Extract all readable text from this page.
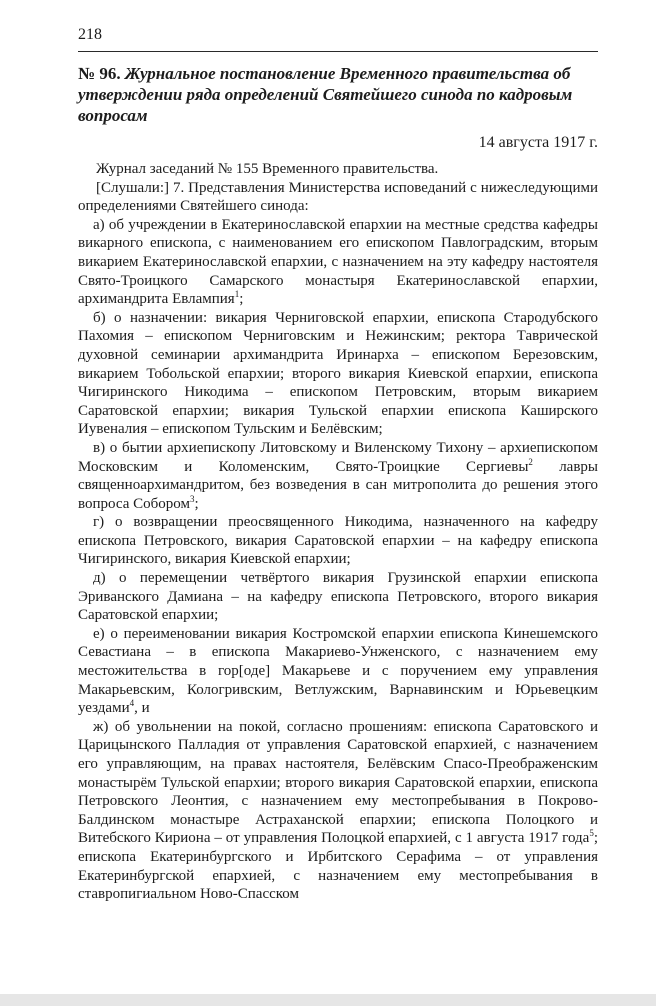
218
№ 96. Журнальное постановление Временного правительства об утверждении ряда определений Святейшего синода по кадровым вопросам
14 августа 1917 г.

Журнал заседаний № 155 Временного правительства.

[Слушали:] 7. Представления Министерства исповеданий с нижеследующими определениями Святейшего синода:

а) об учреждении в Екатеринославской епархии на местные средства кафедры викарного епископа, с наименованием его епископом Павлоградским, вторым викарием Екатеринославской епархии, с назначением на эту кафедру настоятеля Свято-Троицкого Самарского монастыря Екатеринославской епархии, архимандрита Евлампия$^1$;

б) о назначении: викария Черниговской епархии, епископа Стародубского Пахомия – епископом Черниговским и Нежинским; ректора Таврической духовной семинарии архимандрита Иринарха – епископом Березовским, викарием Тобольской епархии; второго викария Киевской епархии, епископа Чигиринского Никодима – епископом Петровским, вторым викарием Саратовской епархии; викария Тульской епархии епископа Каширского Иувеналия – епископом Тульским и Белёвским;

в) о бытии архиепископу Литовскому и Виленскому Тихону – архиепископом Московским и Коломенским, Свято-Троицкие Сергиевы$^2$ лавры священноархимандритом, без возведения в сан митрополита до решения этого вопроса Собором$^3$;

г) о возвращении преосвященного Никодима, назначенного на кафедру епископа Петровского, викария Саратовской епархии – на кафедру епископа Чигиринского, викария Киевской епархии;

д) о перемещении четвёртого викария Грузинской епархии епископа Эриванского Дамиана – на кафедру епископа Петровского, второго викария Саратовской епархии;

е) о переименовании викария Костромской епархии епископа Кинешемского Севастиана – в епископа Макариево-Унженского, с назначением ему местожительства в гор[оде] Макарьеве и с поручением ему управления Макарьевским, Кологривским, Ветлужским, Варнавинским и Юрьевецким уездами$^4$, и

ж) об увольнении на покой, согласно прошениям: епископа Саратовского и Царицынского Палладия от управления Саратовской епархией, с назначением его управляющим, на правах настоятеля, Белёвским Спасо-Преображенским монастырём Тульской епархии; второго викария Саратовской епархии, епископа Петровского Леонтия, с назначением ему местопребывания в Покрово-Балдинском монастыре Астраханской епархии; епископа Полоцкого и Витебского Кириона – от управления Полоцкой епархией, с 1 августа 1917 года$^5$; епископа Екатеринбургского и Ирбитского Серафима – от управления Екатеринбургской епархией, с назначением ему местопребывания в ставропигиальном Ново-Спасском
